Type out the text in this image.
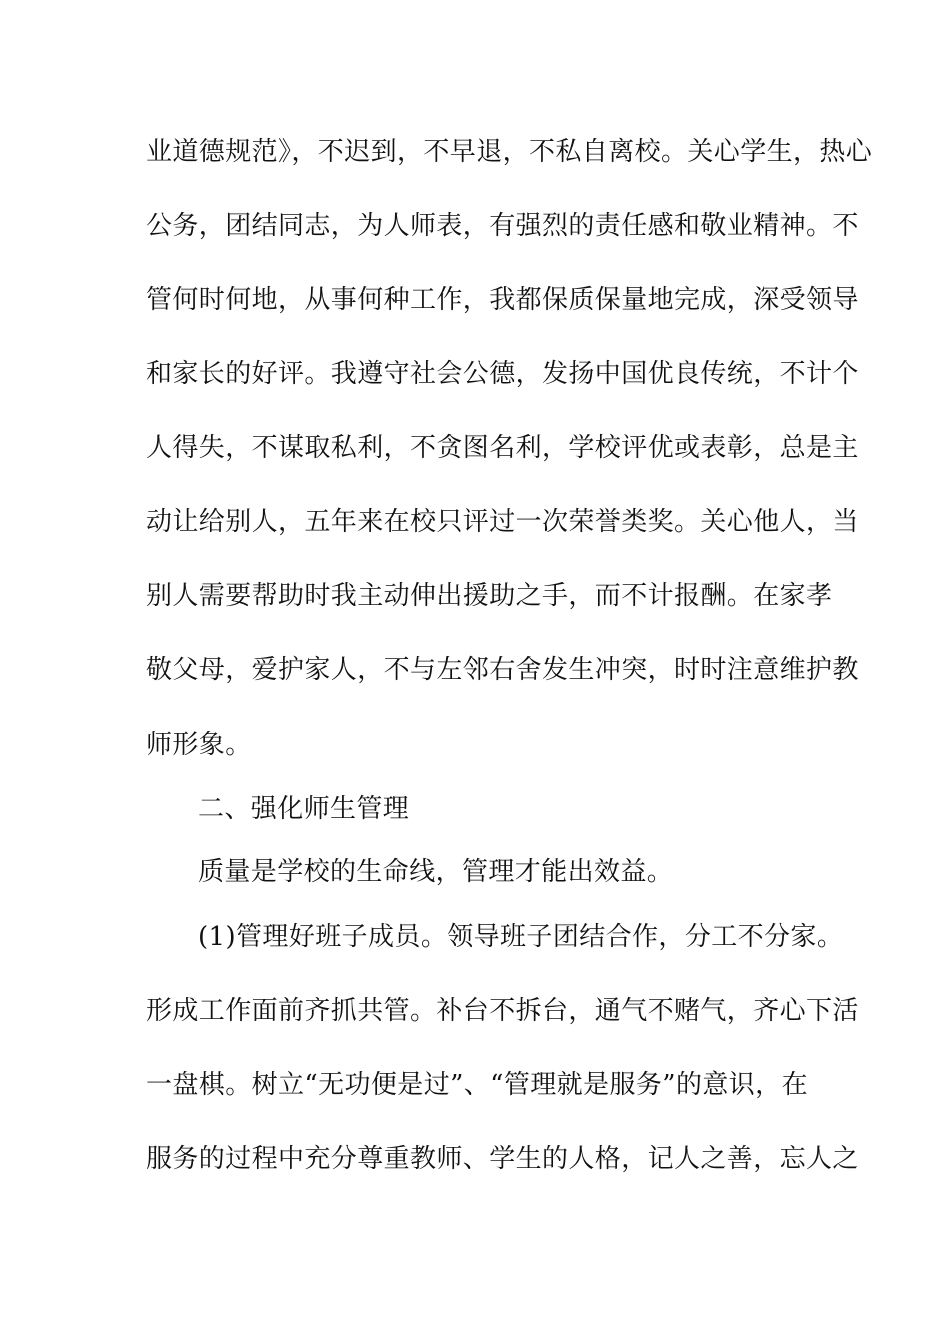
业道德规范》，不迟到，不早退，不私自离校。关心学生，热心
公务，团结同志，为人师表，有强烈的责任感和敬业精神。不
管何时何地，从事何种工作，我都保质保量地完成，深受领导
和家长的好评。我遵守社会公德，发扬中国优良传统，不计个
人得失，不谋取私利，不贪图名利，学校评优或表彰，总是主
动让给别人，五年来在校只评过一次荣誉类奖。关心他人，当
别人需要帮助时我主动伸出援助之手，而不计报酬。在家孝
敬父母，爱护家人，不与左邻右舍发生冲突，时时注意维护教
师形象。
二、强化师生管理
质量是学校的生命线，管理才能出效益。
(1)管理好班子成员。领导班子团结合作，分工不分家。
形成工作面前齐抓共管。补台不拆台，通气不赌气，齐心下活
一盘棋。树立“无功便是过”、“管理就是服务”的意识，在
服务的过程中充分尊重教师、学生的人格，记人之善，忘人之
